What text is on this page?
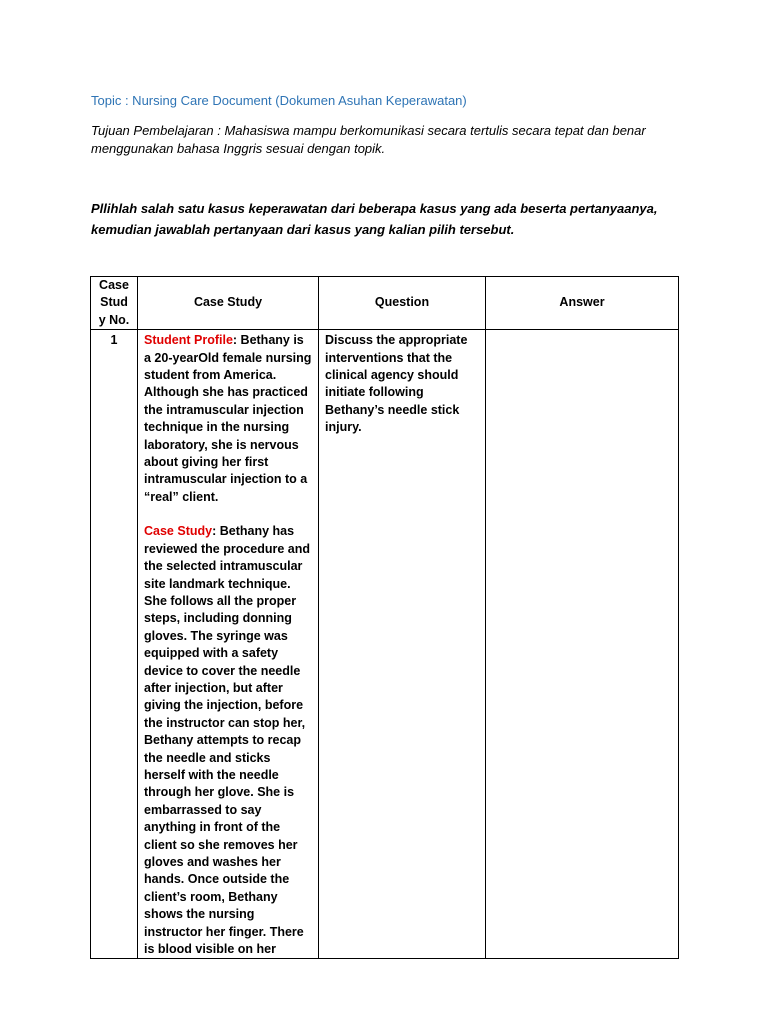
Topic : Nursing Care Document (Dokumen Asuhan Keperawatan)
Tujuan Pembelajaran : Mahasiswa mampu berkomunikasi secara tertulis secara tepat dan benar menggunakan bahasa Inggris sesuai dengan topik.
Pllihlah salah satu kasus keperawatan dari beberapa kasus yang ada beserta pertanyaanya,
kemudian jawablah pertanyaan dari kasus yang kalian pilih tersebut.
Case
Stud
y No.	Case Study	Question	Answer
1	Student Profile: Bethany is a 20-yearOld female nursing student from America. Although she has practiced the intramuscular injection technique in the nursing laboratory, she is nervous about giving her first intramuscular injection to a “real” client.
Case Study: Bethany has reviewed the procedure and the selected intramuscular site landmark technique. She follows all the proper steps, including donning gloves. The syringe was equipped with a safety device to cover the needle after injection, but after giving the injection, before the instructor can stop her, Bethany attempts to recap the needle and sticks herself with the needle through her glove. She is embarrassed to say anything in front of the client so she removes her gloves and washes her hands. Once outside the client’s room, Bethany shows the nursing instructor her finger. There is blood visible on her	Discuss the appropriate interventions that the clinical agency should initiate following Bethany’s needle stick injury.	
